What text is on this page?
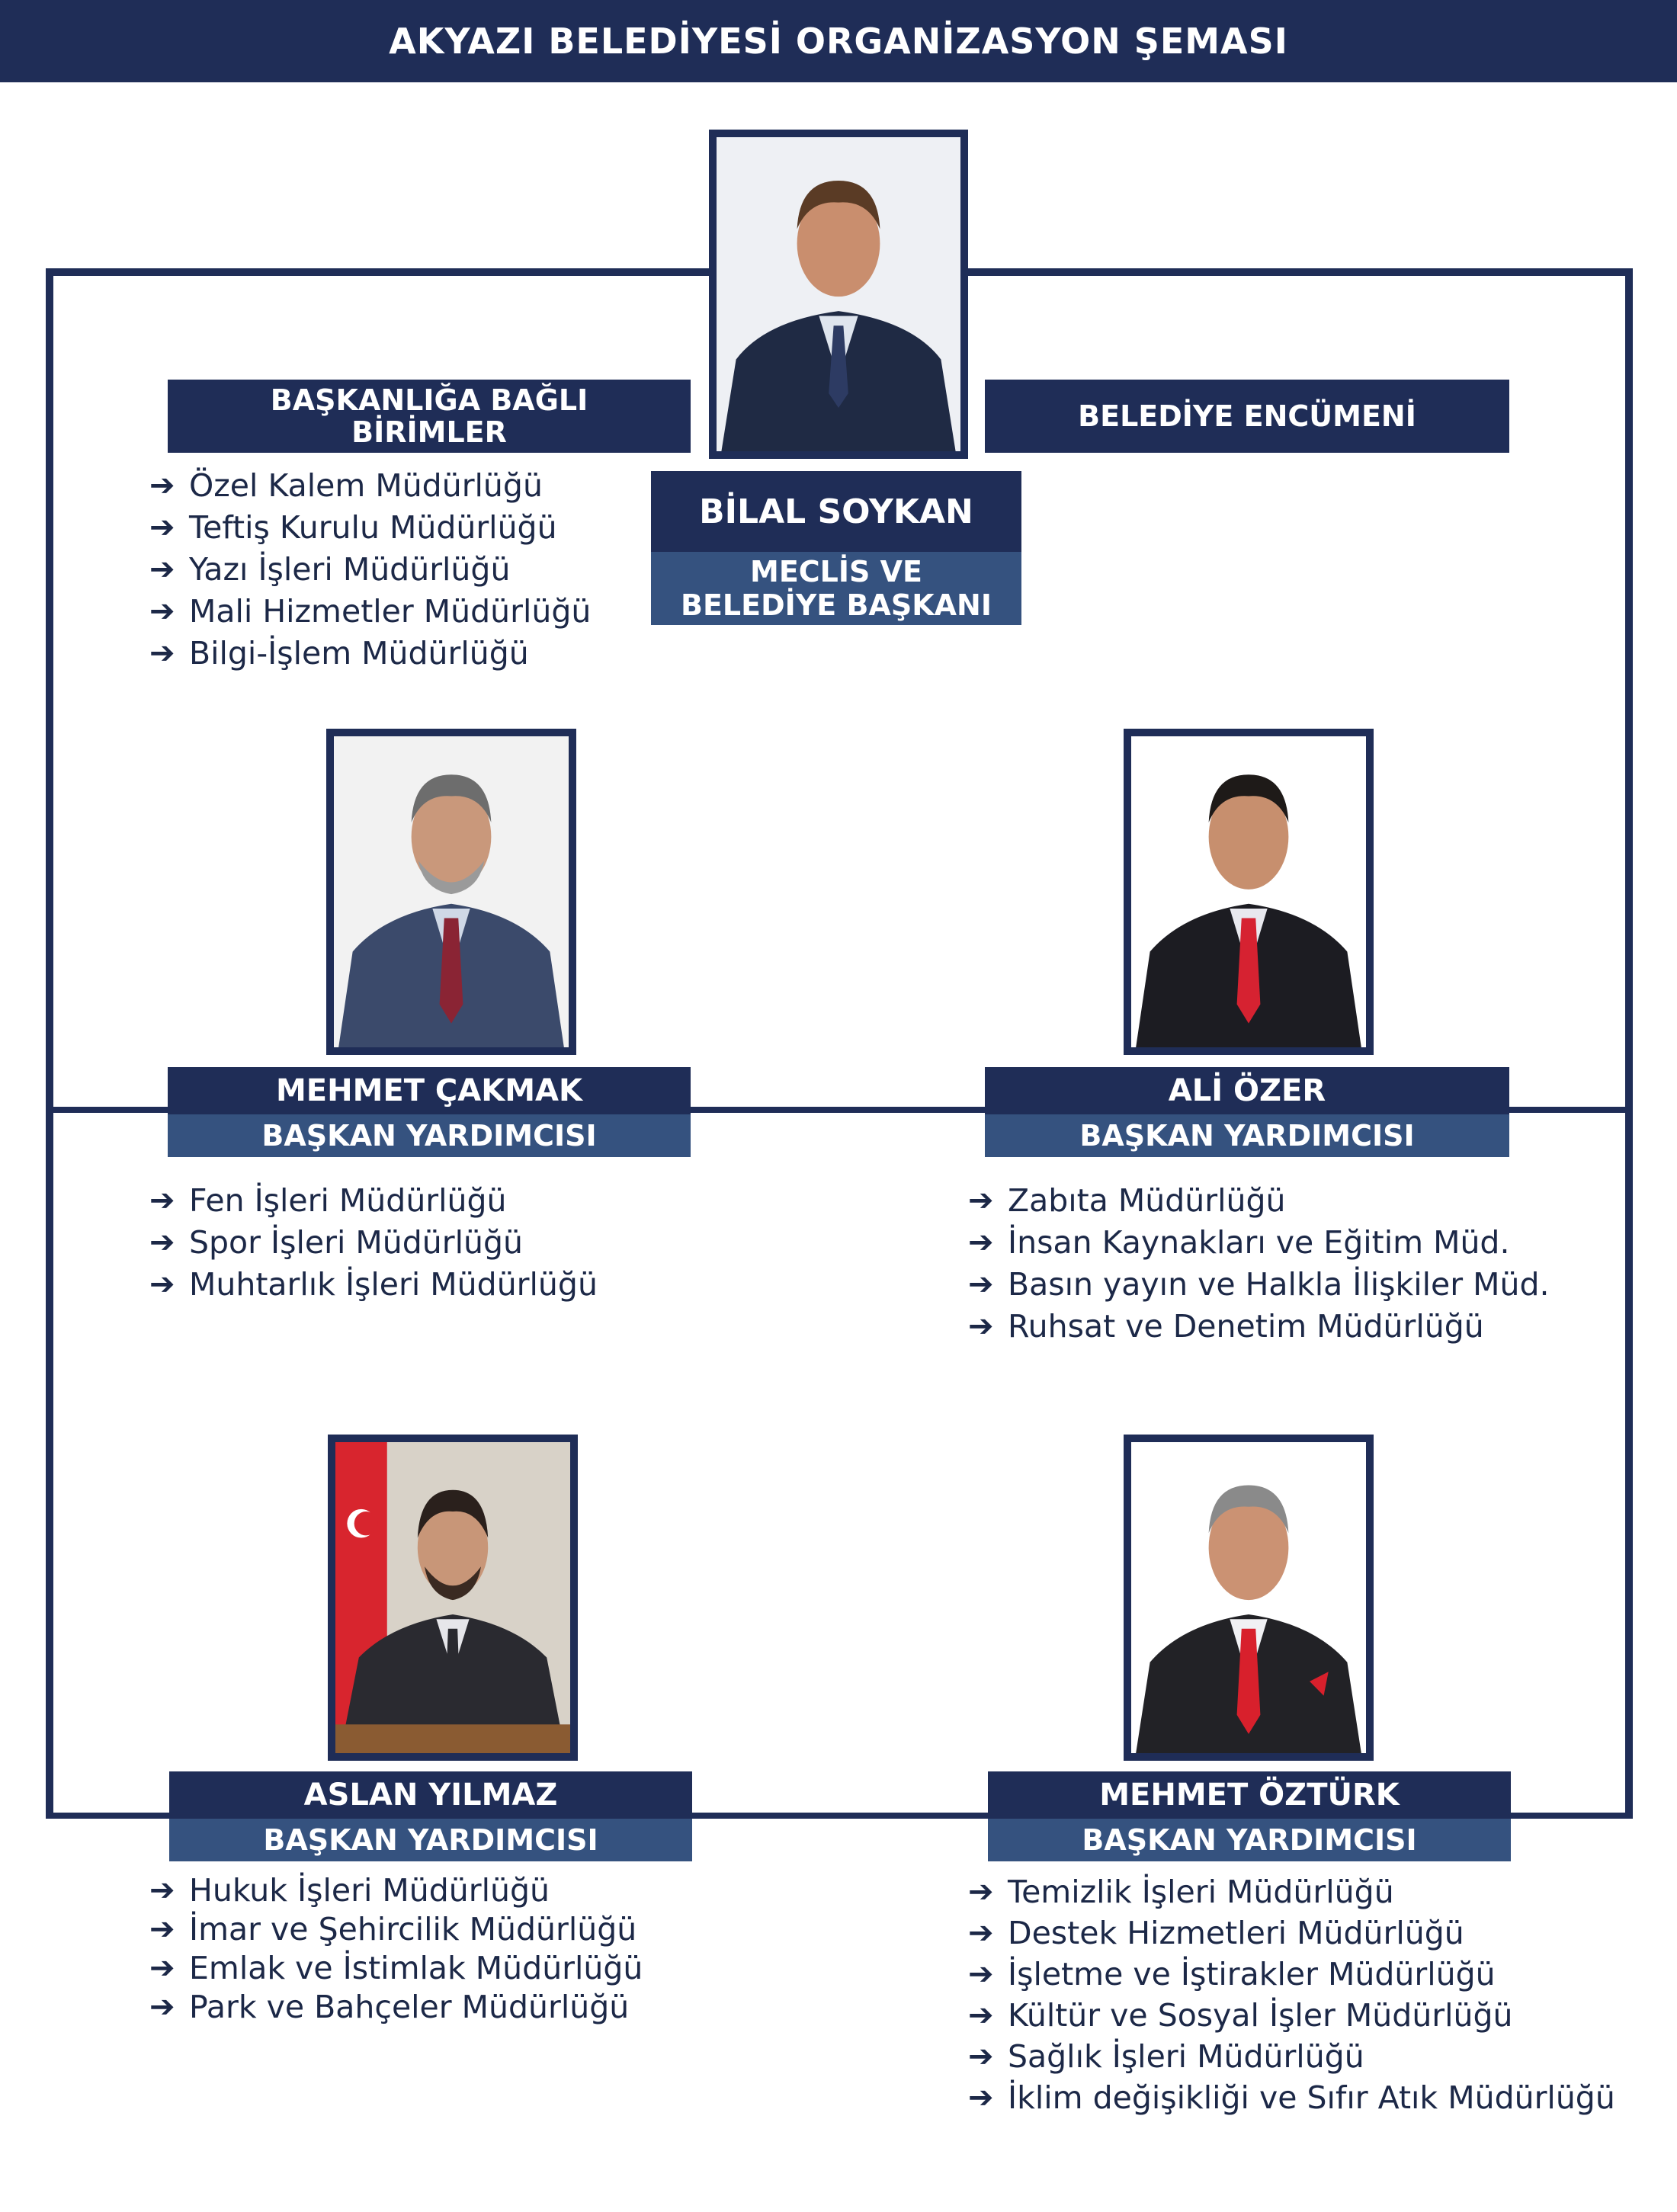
AKYAZI BELEDİYESİ ORGANİZASYON ŞEMASI
BİLAL SOYKAN
MECLİS VE
BELEDİYE BAŞKANI
BAŞKANLIĞA BAĞLI
BİRİMLER
➔ Özel Kalem Müdürlüğü
➔ Teftiş Kurulu Müdürlüğü
➔ Yazı İşleri Müdürlüğü
➔ Mali Hizmetler Müdürlüğü
➔ Bilgi-İşlem Müdürlüğü
BELEDİYE ENCÜMENİ
MEHMET ÇAKMAK
BAŞKAN YARDIMCISI
➔ Fen İşleri Müdürlüğü
➔ Spor İşleri Müdürlüğü
➔ Muhtarlık İşleri Müdürlüğü
ALİ ÖZER
BAŞKAN YARDIMCISI
➔ Zabıta Müdürlüğü
➔ İnsan Kaynakları ve Eğitim Müd.
➔ Basın yayın ve Halkla İlişkiler Müd.
➔ Ruhsat ve Denetim Müdürlüğü
ASLAN YILMAZ
BAŞKAN YARDIMCISI
➔ Hukuk İşleri Müdürlüğü
➔ İmar ve Şehircilik Müdürlüğü
➔ Emlak ve İstimlak Müdürlüğü
➔ Park ve Bahçeler Müdürlüğü
MEHMET ÖZTÜRK
BAŞKAN YARDIMCISI
➔ Temizlik İşleri Müdürlüğü
➔ Destek Hizmetleri Müdürlüğü
➔ İşletme ve İştirakler Müdürlüğü
➔ Kültür ve Sosyal İşler Müdürlüğü
➔ Sağlık İşleri Müdürlüğü
➔ İklim değişikliği ve Sıfır Atık Müdürlüğü
